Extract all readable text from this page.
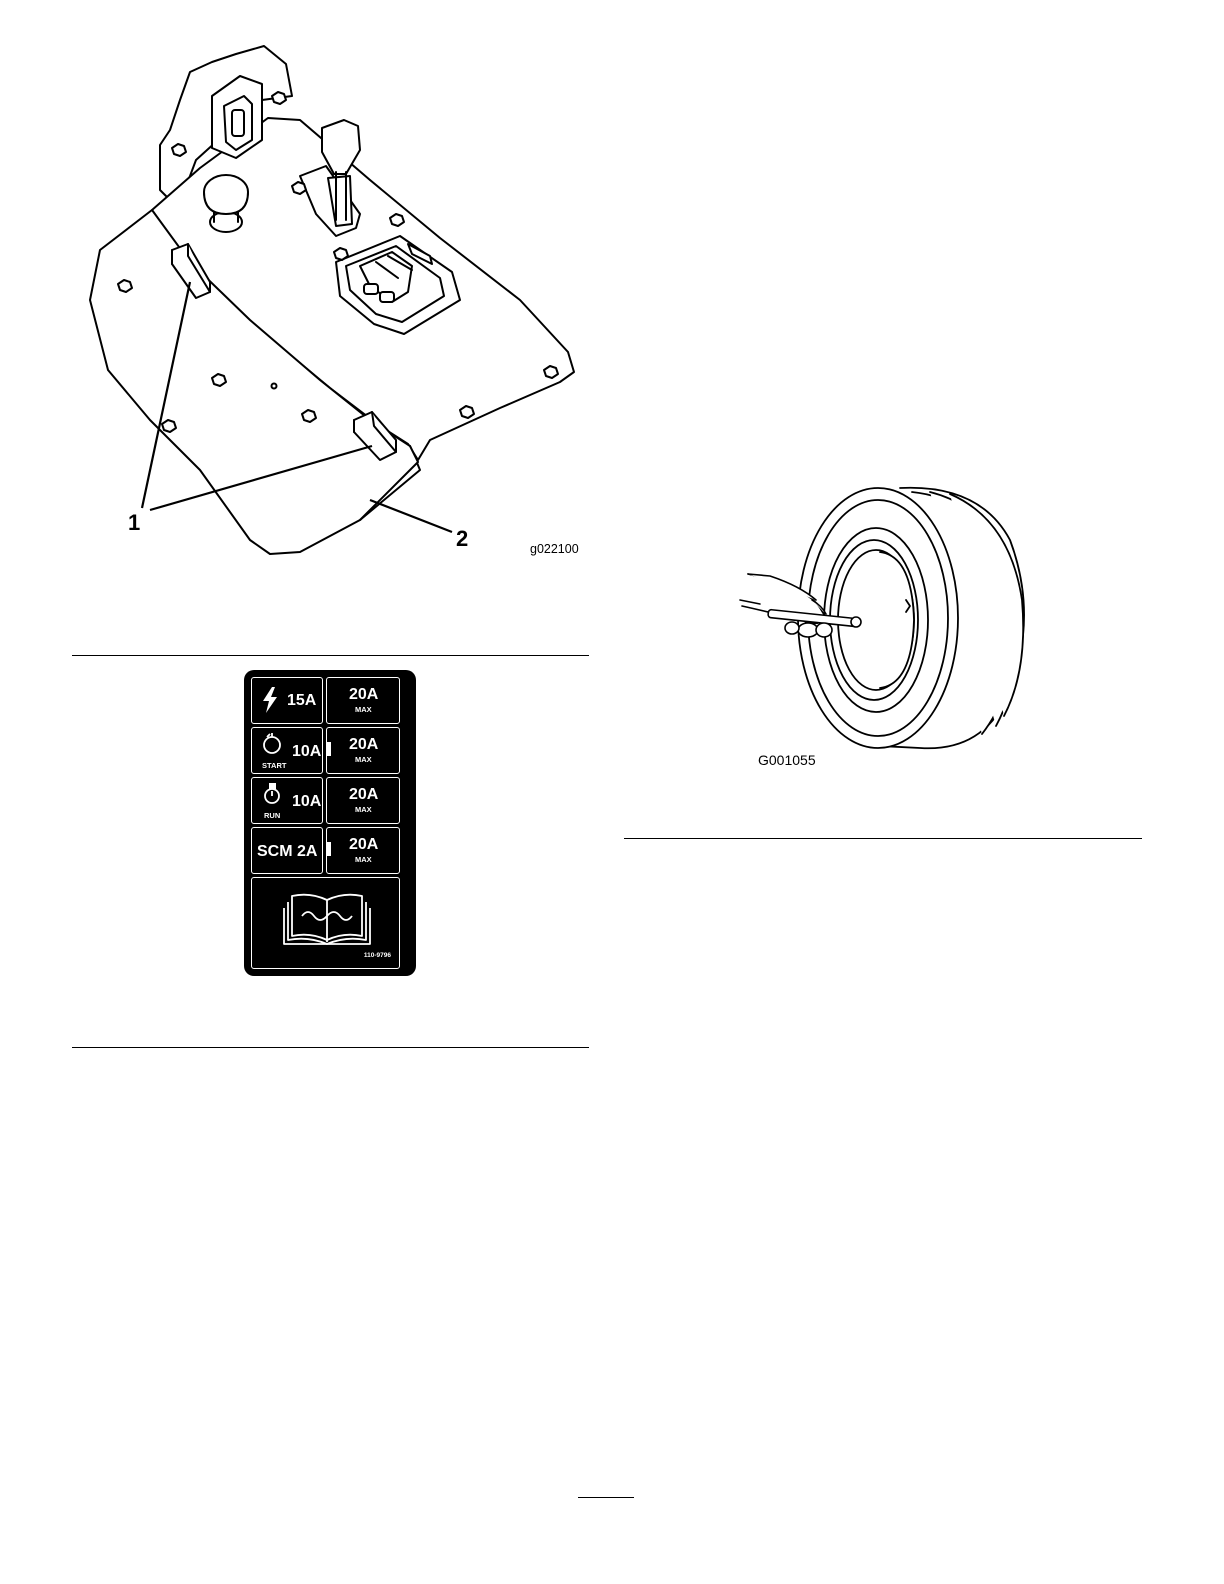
1
2	g022100
15A 20A
MAX
10A
START
20A
MAX
10A
RUN
20A
MAX
SCM 2A 20A
MAX
110-9796
G001055
